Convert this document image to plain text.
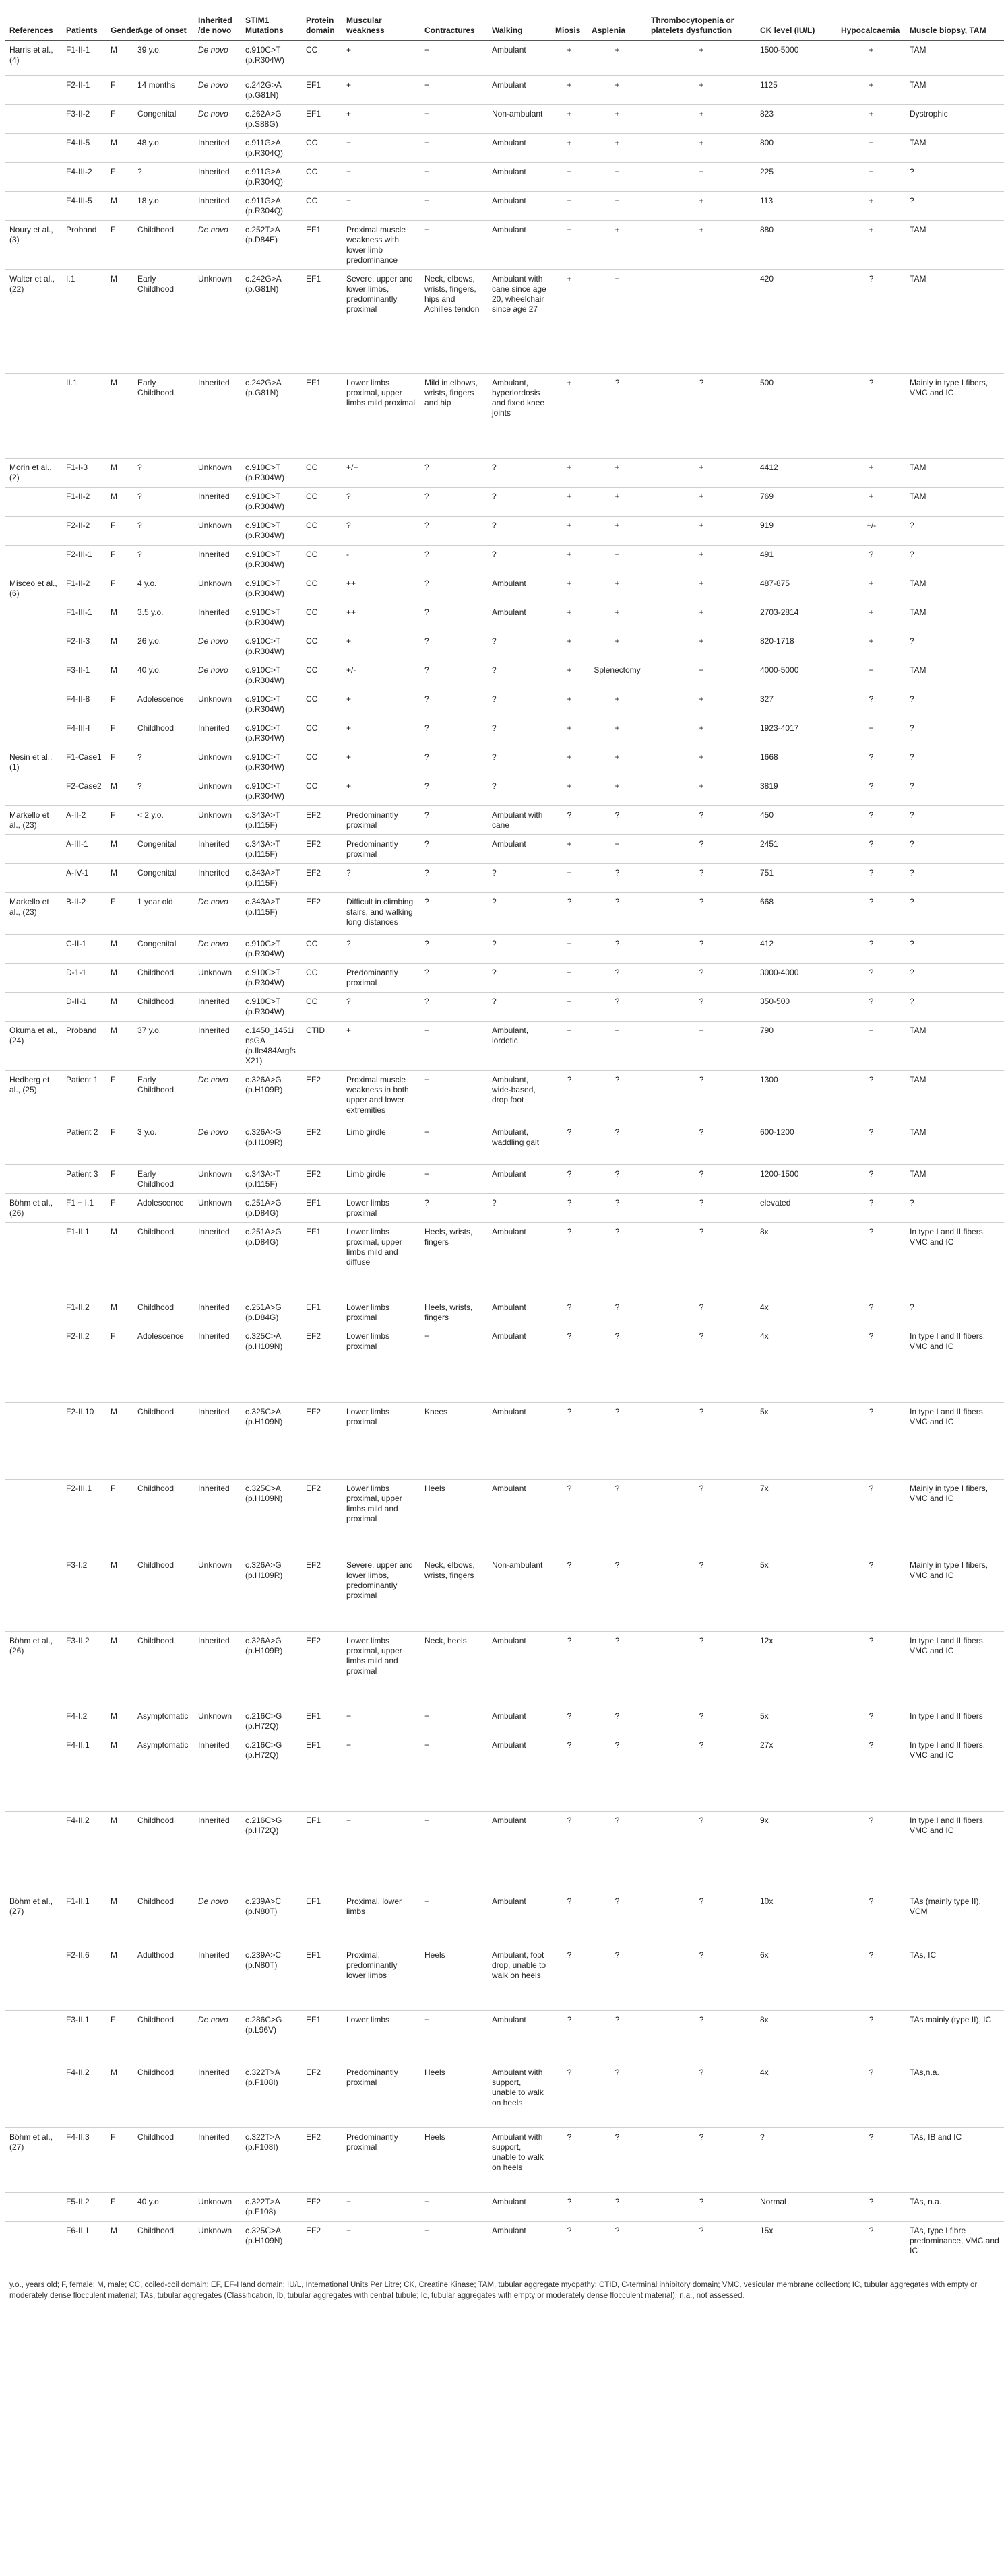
References	Patients	Gender	Age of onset	Inherited /de novo	STIM1 Mutations	Protein domain	Muscular weakness	Contractures	Walking	Miosis	Asplenia	Thrombocytopenia or platelets dysfunction	CK level (IU/L)	Hypocalcaemia	Muscle biopsy, TAM
Harris et al., (4)	F1-II-1	M	39 y.o.	De novo	c.910C>T (p.R304W)	CC	+	+	Ambulant	+	+	+	1500-5000	+	TAM
	F2-II-1	F	14 months	De novo	c.242G>A (p.G81N)	EF1	+	+	Ambulant	+	+	+	1125	+	TAM
	F3-II-2	F	Congenital	De novo	c.262A>G (p.S88G)	EF1	+	+	Non-ambulant	+	+	+	823	+	Dystrophic
	F4-II-5	M	48 y.o.	Inherited	c.911G>A (p.R304Q)	CC	−	+	Ambulant	+	+	+	800	−	TAM
	F4-III-2	F	?	Inherited	c.911G>A (p.R304Q)	CC	−	−	Ambulant	−	−	−	225	−	?
	F4-III-5	M	18 y.o.	Inherited	c.911G>A (p.R304Q)	CC	−	−	Ambulant	−	−	+	113	+	?
Noury et al., (3)	Proband	F	Childhood	De novo	c.252T>A (p.D84E)	EF1	Proximal muscle weakness with lower limb predominance	+	Ambulant	−	+	+	880	+	TAM
Walter et al., (22)	I.1	M	Early Childhood	Unknown	c.242G>A (p.G81N)	EF1	Severe, upper and lower limbs, predominantly proximal	Neck, elbows, wrists, fingers, hips and Achilles tendon	Ambulant with cane since age 20, wheelchair since age 27	+	−		420	?	TAM
	II.1	M	Early Childhood	Inherited	c.242G>A (p.G81N)	EF1	Lower limbs proximal, upper limbs mild proximal	Mild in elbows, wrists, fingers and hip	Ambulant, hyperlordosis and fixed knee joints	+	?	?	500	?	Mainly in type I fibers, VMC and IC
Morin et al., (2)	F1-I-3	M	?	Unknown	c.910C>T (p.R304W)	CC	+/−	?	?	+	+	+	4412	+	TAM
	F1-II-2	M	?	Inherited	c.910C>T (p.R304W)	CC	?	?	?	+	+	+	769	+	TAM
	F2-II-2	F	?	Unknown	c.910C>T (p.R304W)	CC	?	?	?	+	+	+	919	+/-	?
	F2-III-1	F	?	Inherited	c.910C>T (p.R304W)	CC	-	?	?	+	−	+	491	?	?
Misceo et al., (6)	F1-II-2	F	4 y.o.	Unknown	c.910C>T (p.R304W)	CC	++	?	Ambulant	+	+	+	487-875	+	TAM
	F1-III-1	M	3.5 y.o.	Inherited	c.910C>T (p.R304W)	CC	++	?	Ambulant	+	+	+	2703-2814	+	TAM
	F2-II-3	M	26 y.o.	De novo	c.910C>T (p.R304W)	CC	+	?	?	+	+	+	820-1718	+	?
	F3-II-1	M	40 y.o.	De novo	c.910C>T (p.R304W)	CC	+/-	?	?	+	Splenectomy	−	4000-5000	−	TAM
	F4-II-8	F	Adolescence	Unknown	c.910C>T (p.R304W)	CC	+	?	?	+	+	+	327	?	?
	F4-III-I	F	Childhood	Inherited	c.910C>T (p.R304W)	CC	+	?	?	+	+	+	1923-4017	−	?
Nesin et al., (1)	F1-Case1	F	?	Unknown	c.910C>T (p.R304W)	CC	+	?	?	+	+	+	1668	?	?
	F2-Case2	M	?	Unknown	c.910C>T (p.R304W)	CC	+	?	?	+	+	+	3819	?	?
Markello et al., (23)	A-II-2	F	< 2 y.o.	Unknown	c.343A>T (p.I115F)	EF2	Predominantly proximal	?	Ambulant with cane	?	?	?	450	?	?
	A-III-1	M	Congenital	Inherited	c.343A>T (p.I115F)	EF2	Predominantly proximal	?	Ambulant	+	−	?	2451	?	?
	A-IV-1	M	Congenital	Inherited	c.343A>T (p.I115F)	EF2	?	?	?	−	?	?	751	?	?
Markello et al., (23)	B-II-2	F	1 year old	De novo	c.343A>T (p.I115F)	EF2	Difficult in climbing stairs, and walking long distances	?	?	?	?	?	668	?	?
	C-II-1	M	Congenital	De novo	c.910C>T (p.R304W)	CC	?	?	?	−	?	?	412	?	?
	D-1-1	M	Childhood	Unknown	c.910C>T (p.R304W)	CC	Predominantly proximal	?	?	−	?	?	3000-4000	?	?
	D-II-1	M	Childhood	Inherited	c.910C>T (p.R304W)	CC	?	?	?	−	?	?	350-500	?	?
Okuma et al., (24)	Proband	M	37 y.o.	Inherited	c.1450_1451insGA (p.Ile484ArgfsX21)	CTID	+	+	Ambulant, lordotic	−	−	−	790	−	TAM
Hedberg et al., (25)	Patient 1	F	Early Childhood	De novo	c.326A>G (p.H109R)	EF2	Proximal muscle weakness in both upper and lower extremities	−	Ambulant, wide-based, drop foot	?	?	?	1300	?	TAM
	Patient 2	F	3 y.o.	De novo	c.326A>G (p.H109R)	EF2	Limb girdle	+	Ambulant, waddling gait	?	?	?	600-1200	?	TAM
	Patient 3	F	Early Childhood	Unknown	c.343A>T (p.I115F)	EF2	Limb girdle	+	Ambulant	?	?	?	1200-1500	?	TAM
Böhm et al., (26)	F1 − I.1	F	Adolescence	Unknown	c.251A>G (p.D84G)	EF1	Lower limbs proximal	?	?	?	?	?	elevated	?	?
	F1-II.1	M	Childhood	Inherited	c.251A>G (p.D84G)	EF1	Lower limbs proximal, upper limbs mild and diffuse	Heels, wrists, fingers	Ambulant	?	?	?	8x	?	In type I and II fibers, VMC and IC
	F1-II.2	M	Childhood	Inherited	c.251A>G (p.D84G)	EF1	Lower limbs proximal	Heels, wrists, fingers	Ambulant	?	?	?	4x	?	?
	F2-II.2	F	Adolescence	Inherited	c.325C>A (p.H109N)	EF2	Lower limbs proximal	−	Ambulant	?	?	?	4x	?	In type I and II fibers, VMC and IC
	F2-II.10	M	Childhood	Inherited	c.325C>A (p.H109N)	EF2	Lower limbs proximal	Knees	Ambulant	?	?	?	5x	?	In type I and II fibers, VMC and IC
	F2-III.1	F	Childhood	Inherited	c.325C>A (p.H109N)	EF2	Lower limbs proximal, upper limbs mild and proximal	Heels	Ambulant	?	?	?	7x	?	Mainly in type I fibers, VMC and IC
	F3-I.2	M	Childhood	Unknown	c.326A>G (p.H109R)	EF2	Severe, upper and lower limbs, predominantly proximal	Neck, elbows, wrists, fingers	Non-ambulant	?	?	?	5x	?	Mainly in type I fibers, VMC and IC
Böhm et al., (26)	F3-II.2	M	Childhood	Inherited	c.326A>G (p.H109R)	EF2	Lower limbs proximal, upper limbs mild and proximal	Neck, heels	Ambulant	?	?	?	12x	?	In type I and II fibers, VMC and IC
	F4-I.2	M	Asymptomatic	Unknown	c.216C>G (p.H72Q)	EF1	−	−	Ambulant	?	?	?	5x	?	In type I and II fibers
	F4-II.1	M	Asymptomatic	Inherited	c.216C>G (p.H72Q)	EF1	−	−	Ambulant	?	?	?	27x	?	In type I and II fibers, VMC and IC
	F4-II.2	M	Childhood	Inherited	c.216C>G (p.H72Q)	EF1	−	−	Ambulant	?	?	?	9x	?	In type I and II fibers, VMC and IC
Böhm et al., (27)	F1-II.1	M	Childhood	De novo	c.239A>C (p.N80T)	EF1	Proximal, lower limbs	−	Ambulant	?	?	?	10x	?	TAs (mainly type II), VCM
	F2-II.6	M	Adulthood	Inherited	c.239A>C (p.N80T)	EF1	Proximal, predominantly lower limbs	Heels	Ambulant, foot drop, unable to walk on heels	?	?	?	6x	?	TAs, IC
	F3-II.1	F	Childhood	De novo	c.286C>G (p.L96V)	EF1	Lower limbs	−	Ambulant	?	?	?	8x	?	TAs mainly (type II), IC
	F4-II.2	M	Childhood	Inherited	c.322T>A (p.F108I)	EF2	Predominantly proximal	Heels	Ambulant with support, unable to walk on heels	?	?	?	4x	?	TAs,n.a.
Böhm et al., (27)	F4-II.3	F	Childhood	Inherited	c.322T>A (p.F108I)	EF2	Predominantly proximal	Heels	Ambulant with support, unable to walk on heels	?	?	?	?	?	TAs, IB and IC
	F5-II.2	F	40 y.o.	Unknown	c.322T>A (p.F108)	EF2	−	−	Ambulant	?	?	?	Normal	?	TAs, n.a.
	F6-II.1	M	Childhood	Unknown	c.325C>A (p.H109N)	EF2	−	−	Ambulant	?	?	?	15x	?	TAs, type I fibre predominance, VMC and IC
y.o., years old; F, female; M, male; CC, coiled-coil domain; EF, EF-Hand domain; IU/L, International Units Per Litre; CK, Creatine Kinase; TAM, tubular aggregate myopathy; CTID, C-terminal inhibitory domain; VMC, vesicular membrane collection; IC, tubular aggregates with empty or moderately dense flocculent material; TAs, tubular aggregates (Classification, Ib, tubular aggregates with central tubule; Ic, tubular aggregates with empty or moderately dense flocculent material); n.a., not assessed.
